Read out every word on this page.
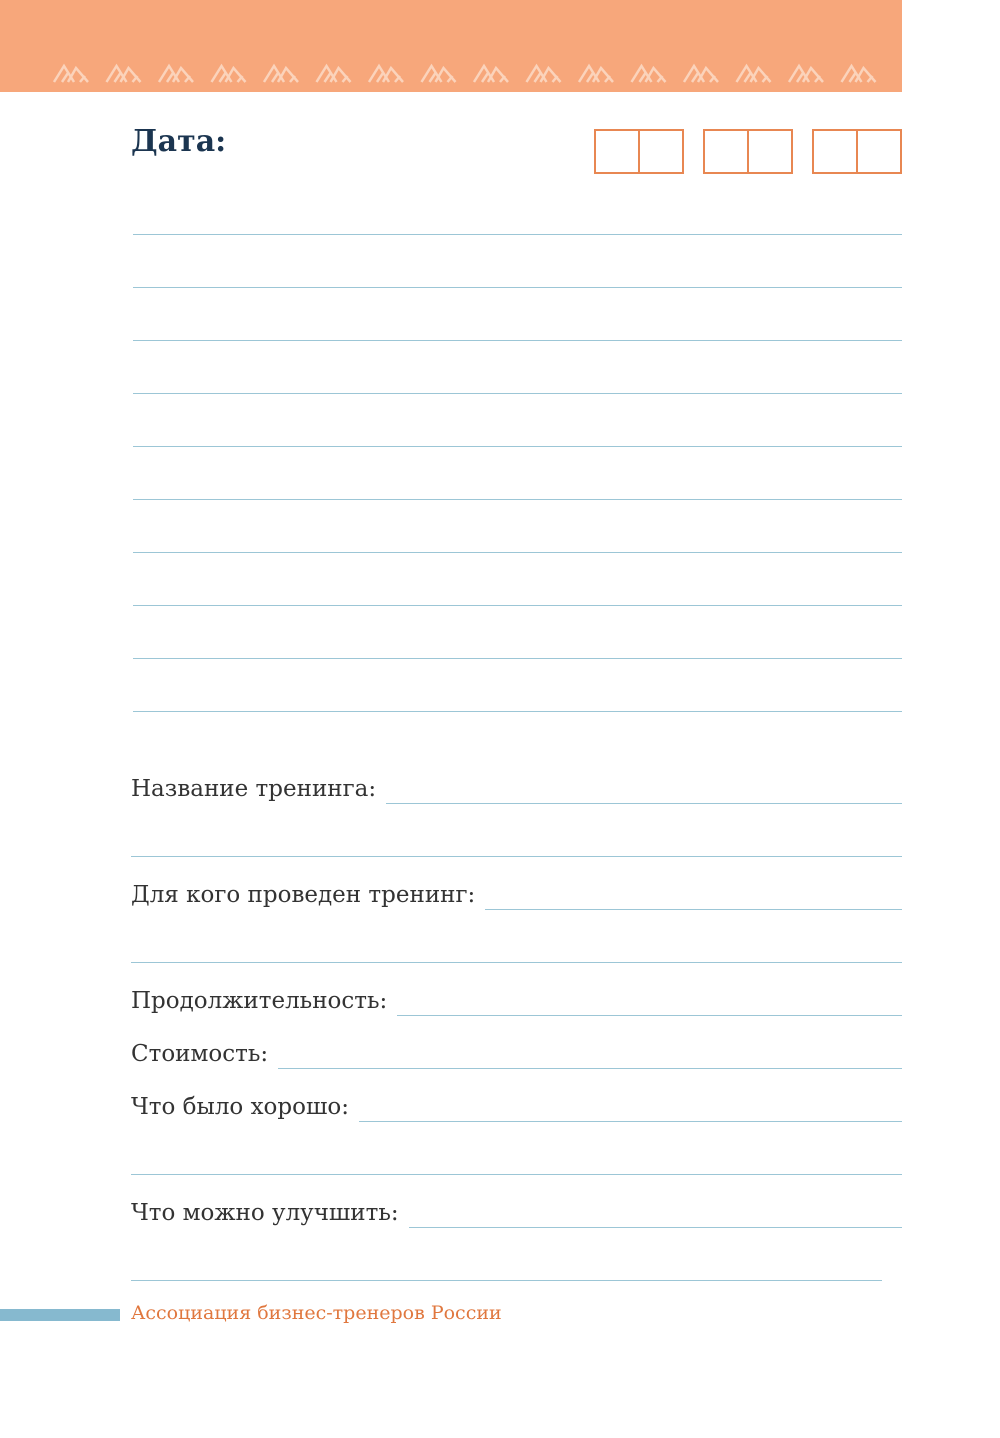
Дата:
Название тренинга:
Для кого проведен тренинг:
Продолжительность:
Стоимость:
Что было хорошо:
Что можно улучшить:
Ассоциация бизнес-тренеров России
